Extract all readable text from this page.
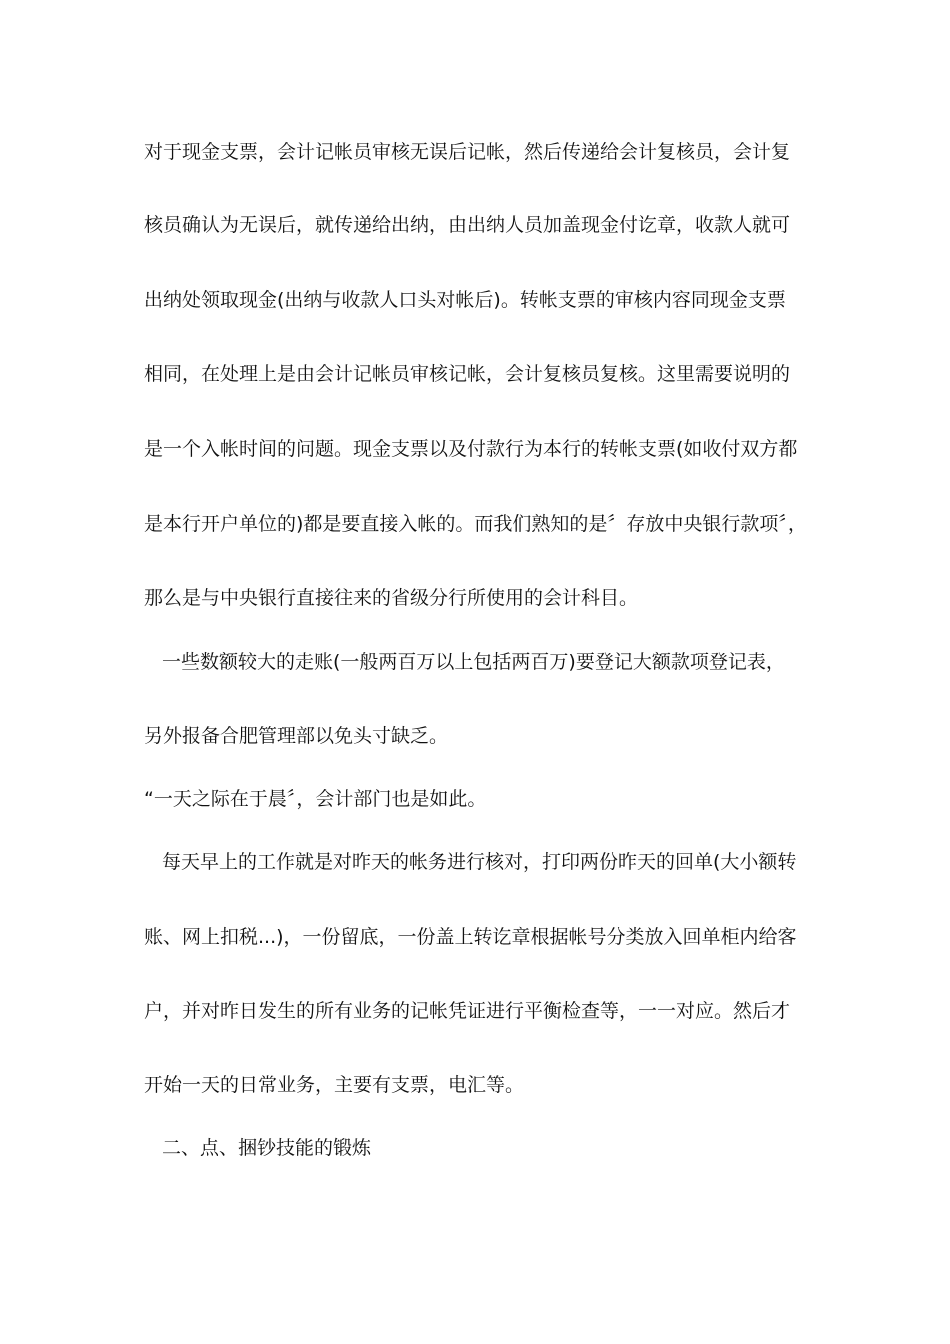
对于现金支票，会计记帐员审核无误后记帐，然后传递给会计复核员，会计复

核员确认为无误后，就传递给出纳，由出纳人员加盖现金付讫章，收款人就可

出纳处领取现金(出纳与收款人口头对帐后)。转帐支票的审核内容同现金支票

相同，在处理上是由会计记帐员审核记帐，会计复核员复核。这里需要说明的

是一个入帐时间的问题。现金支票以及付款行为本行的转帐支票(如收付双方都

是本行开户单位的)都是要直接入帐的。而我们熟知的是〞存放中央银行款项〞，

那么是与中央银行直接往来的省级分行所使用的会计科目。

一些数额较大的走账(一般两百万以上包括两百万)要登记大额款项登记表，

另外报备合肥管理部以免头寸缺乏。

“一天之际在于晨〞，会计部门也是如此。

每天早上的工作就是对昨天的帐务进行核对，打印两份昨天的回单(大小额转

账、网上扣税...)，一份留底，一份盖上转讫章根据帐号分类放入回单柜内给客

户，并对昨日发生的所有业务的记帐凭证进行平衡检查等，一一对应。然后才

开始一天的日常业务，主要有支票，电汇等。

二、点、捆钞技能的锻炼
